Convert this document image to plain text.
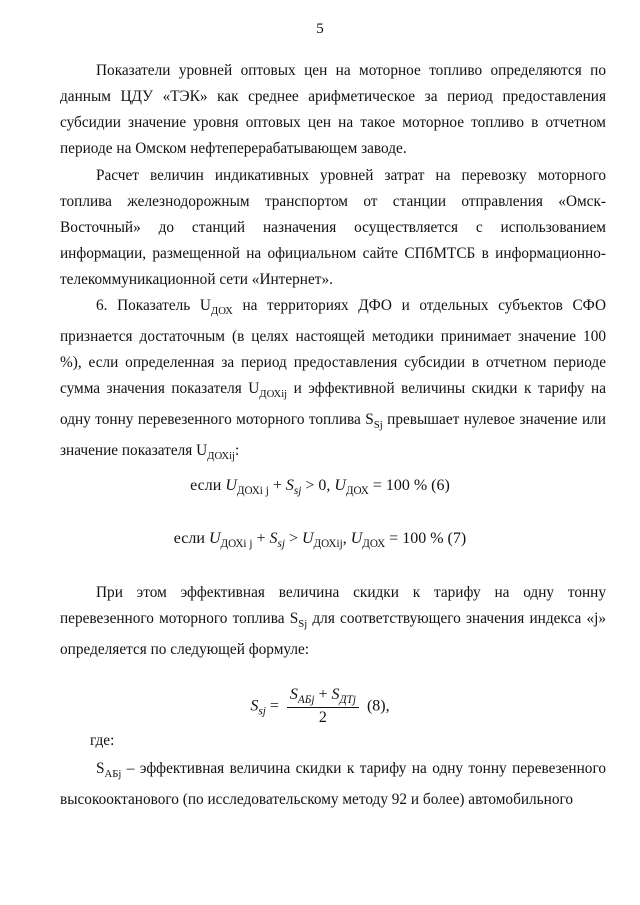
5

Показатели уровней оптовых цен на моторное топливо определяются по данным ЦДУ «ТЭК» как среднее арифметическое за период предоставления субсидии значение уровня оптовых цен на такое моторное топливо в отчетном периоде на Омском нефтеперерабатывающем заводе.

Расчет величин индикативных уровней затрат на перевозку моторного топлива железнодорожным транспортом от станции отправления «Омск-Восточный» до станций назначения осуществляется с использованием информации, размещенной на официальном сайте СПбМТСБ в информационно-телекоммуникационной сети «Интернет».

6. Показатель $U_{ДОХ}$ на территориях ДФО и отдельных субъектов СФО признается достаточным (в целях настоящей методики принимает значение 100 %), если определенная за период предоставления субсидии в отчетном периоде сумма значения показателя $U_{ДОХij}$ и эффективной величины скидки к тарифу на одну тонну перевезенного моторного топлива $S_{Sj}$ превышает нулевое значение или значение показателя $U_{ДОХij}$:

если $U_{ДОХi j} + S_{sj} > 0$, $U_{ДОХ} = 100$ % (6)
если $U_{ДОХi j} + S_{sj} > U_{ДОХij}$, $U_{ДОХ} = 100$ % (7)

При этом эффективная величина скидки к тарифу на одну тонну перевезенного моторного топлива $S_{Sj}$ для соответствующего значения индекса «j» определяется по следующей формуле:

$S_{sj} = \frac{S_{АБj} + S_{ДТj}}{2} (8)$,
где:

$S_{АБj}$ – эффективная величина скидки к тарифу на одну тонну перевезенного высокооктанового (по исследовательскому методу 92 и более) автомобильного
